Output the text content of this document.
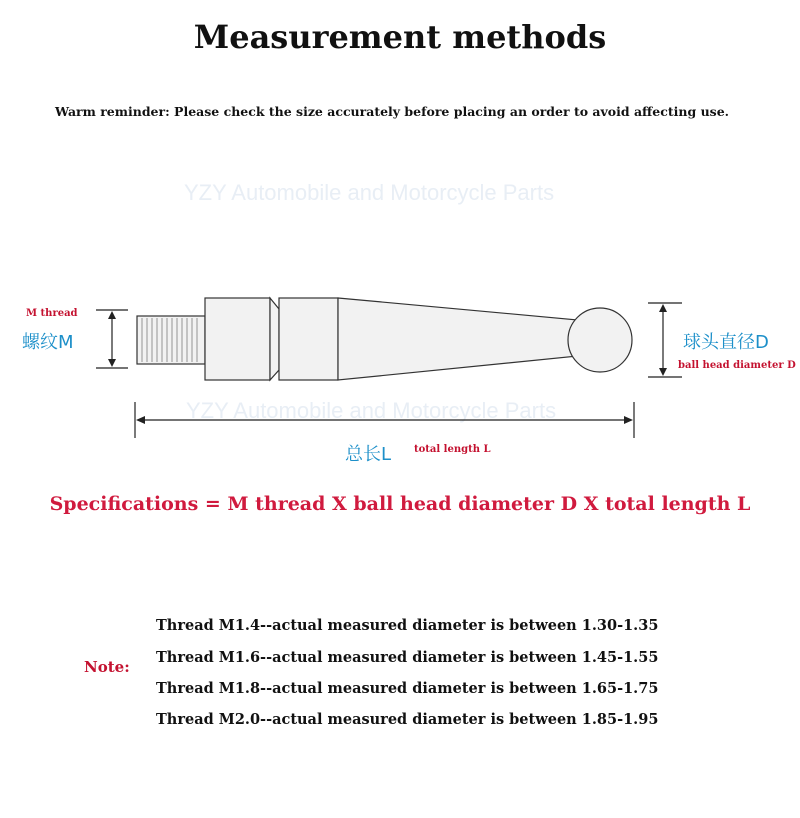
Measurement methods
Warm reminder: Please check the size accurately before placing an order to avoid affecting use.
YZY Automobile and Motorcycle Parts
YZY Automobile and Motorcycle Parts
M thread
螺纹M	球头直径D
ball head diameter D
总长L total length L
Specifications = M thread X ball head diameter D X total length L
Note:
Thread M1.4--actual measured diameter is between 1.30-1.35
Thread M1.6--actual measured diameter is between 1.45-1.55
Thread M1.8--actual measured diameter is between 1.65-1.75
Thread M2.0--actual measured diameter is between 1.85-1.95
